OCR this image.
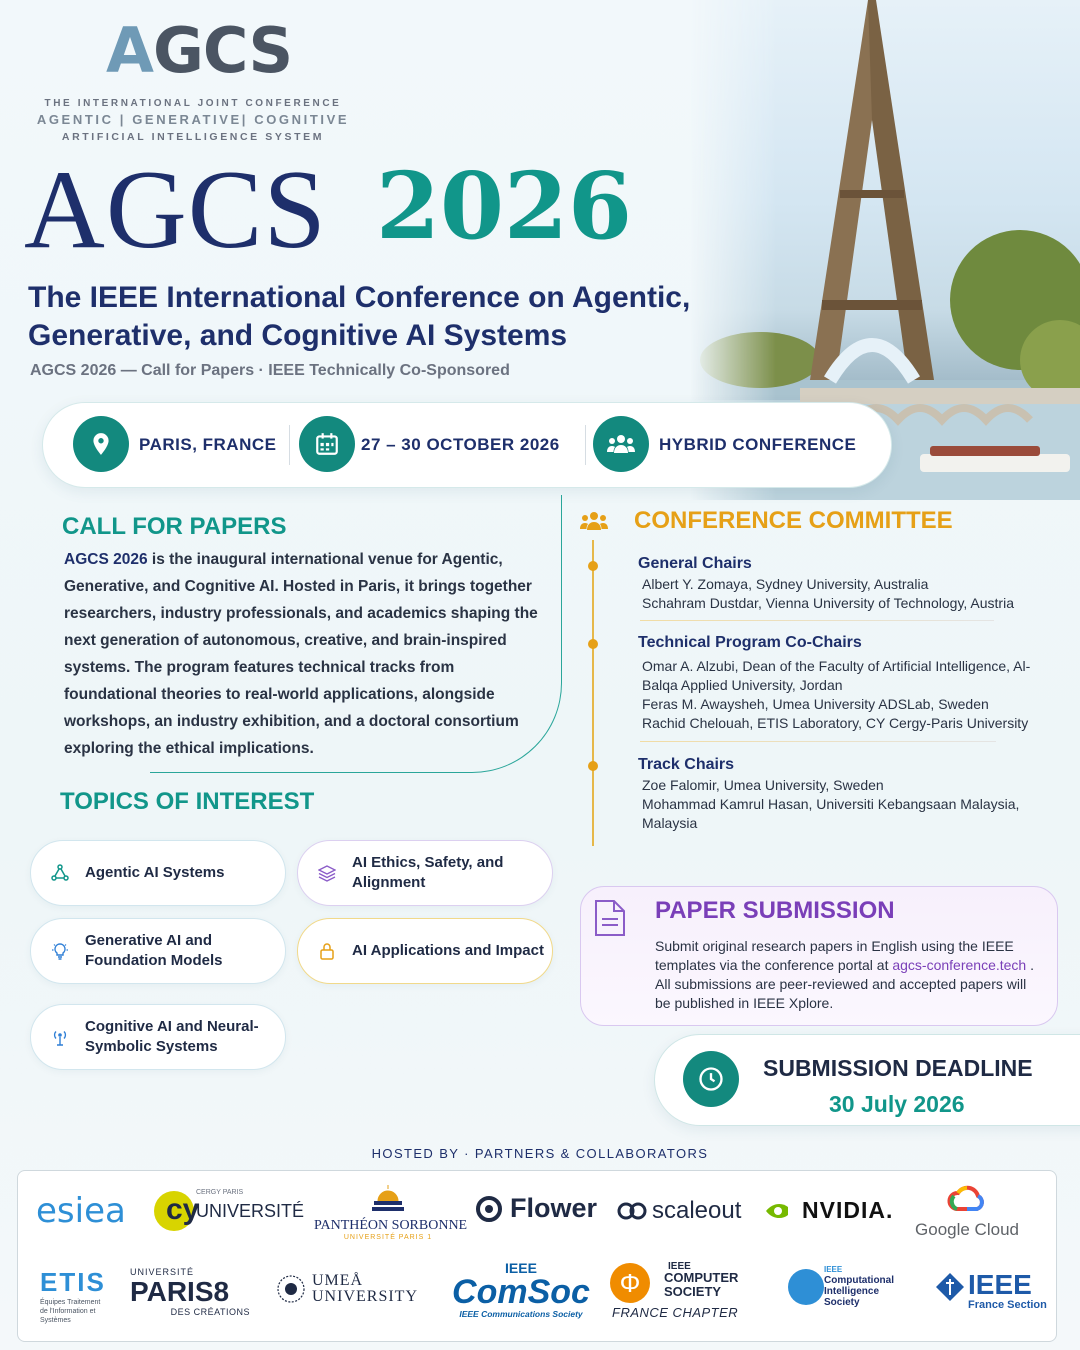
AGCS
THE INTERNATIONAL JOINT CONFERENCE
AGENTIC | GENERATIVE| COGNITIVE
ARTIFICIAL INTELLIGENCE SYSTEM
AGCS 2026
The IEEE International Conference on Agentic,
Generative, and Cognitive AI Systems
AGCS 2026 — Call for Papers · IEEE Technically Co-Sponsored
PARIS, FRANCE	27 – 30 OCTOBER 2026	HYBRID CONFERENCE
CALL FOR PAPERS
AGCS 2026 is the inaugural international venue for Agentic, Generative, and Cognitive AI. Hosted in Paris, it brings together researchers, industry professionals, and academics shaping the next generation of autonomous, creative, and brain-inspired systems. The program features technical tracks from foundational theories to real-world applications, alongside workshops, an industry exhibition, and a doctoral consortium exploring the ethical implications.
TOPICS OF INTEREST
Agentic AI Systems
AI Ethics, Safety, and
Alignment
Generative AI and
Foundation Models
AI Applications and Impact
Cognitive AI and Neural-
Symbolic Systems
CONFERENCE COMMITTEE
General Chairs
Albert Y. Zomaya, Sydney University, Australia
Schahram Dustdar, Vienna University of Technology, Austria
Technical Program Co-Chairs
Omar A. Alzubi, Dean of the Faculty of Artificial Intelligence, Al-
Balqa Applied University, Jordan
Feras M. Awaysheh, Umea University ADSLab, Sweden
Rachid Chelouah, ETIS Laboratory, CY Cergy-Paris University
Track Chairs
Zoe Falomir, Umea University, Sweden
Mohammad Kamrul Hasan, Universiti Kebangsaan Malaysia,
Malaysia
PAPER SUBMISSION
Submit original research papers in English using the IEEE templates via the conference portal at agcs-conference.tech . All submissions are peer-reviewed and accepted papers will be published in IEEE Xplore.
SUBMISSION DEADLINE
30 July 2026
HOSTED BY · PARTNERS & COLLABORATORS
esiea cy
CERGY PARIS
UNIVERSITÉ
PANTHÉON SORBONNE
UNIVERSITÉ PARIS 1
Flower scaleout	NVIDIA.
Google Cloud
ETIS
Équipes Traitement de l'Information et Systèmes
UNIVERSITÉ
PARIS8
DES CRÉATIONS
UMEÅ UNIVERSITY
IEEE
ComSoc
IEEE Communications Society
Φ
IEEE
COMPUTER SOCIETY
FRANCE CHAPTER
IEEE
Computational Intelligence Society
IEEE
France Section
